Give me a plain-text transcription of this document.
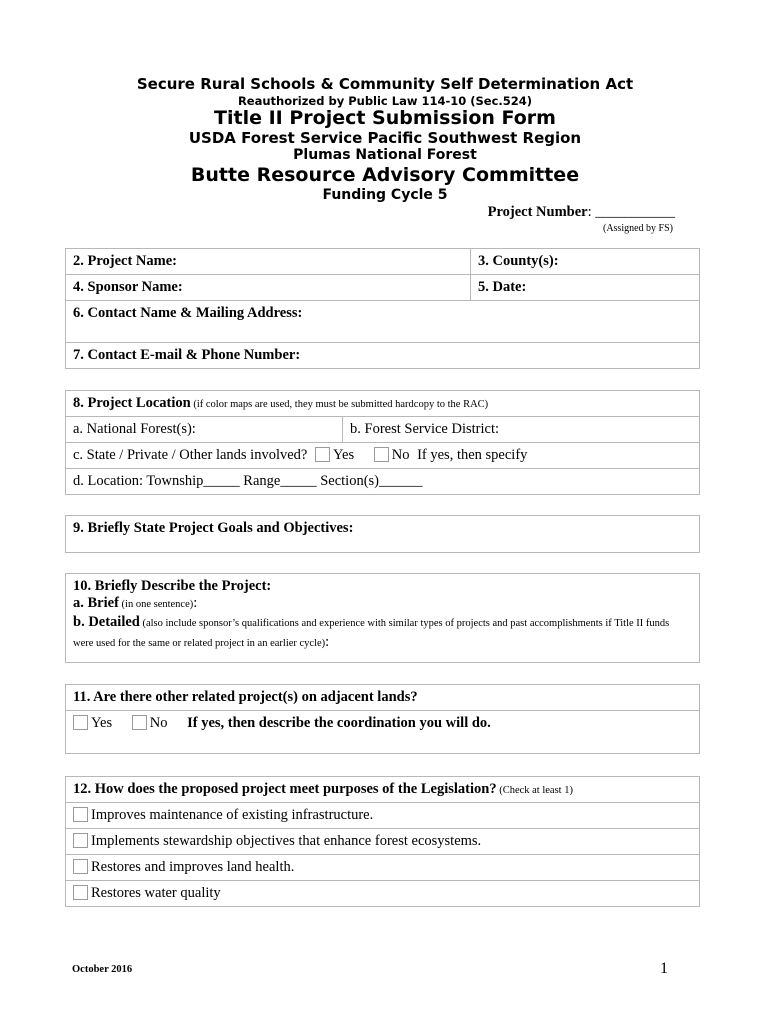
Secure Rural Schools & Community Self Determination Act
Reauthorized by Public Law 114-10 (Sec.524)
Title II Project Submission Form
USDA Forest Service Pacific Southwest Region
Plumas National Forest
Butte Resource Advisory Committee
Funding Cycle 5
Project Number: ___________
(Assigned by FS)
2. Project Name:	3. County(s):
4. Sponsor Name:	5. Date:
6. Contact Name & Mailing Address:	
7. Contact E-mail & Phone Number:	
8. Project Location (if color maps are used, they must be submitted hardcopy to the RAC)
a. National Forest(s):	b. Forest Service District:
c. State / Private / Other lands involved? Yes	No If yes, then specify
d. Location: Township_____ Range_____ Section(s)______
9. Briefly State Project Goals and Objectives:
10. Briefly Describe the Project:
a. Brief (in one sentence):
b. Detailed (also include sponsor’s qualifications and experience with similar types of projects and past accomplishments if Title II funds were used for the same or related project in an earlier cycle):
11. Are there other related project(s) on adjacent lands?
Yes	No If yes, then describe the coordination you will do.
12. How does the proposed project meet purposes of the Legislation? (Check at least 1)
Improves maintenance of existing infrastructure.
Implements stewardship objectives that enhance forest ecosystems.
Restores and improves land health.
Restores water quality
October 2016	1
